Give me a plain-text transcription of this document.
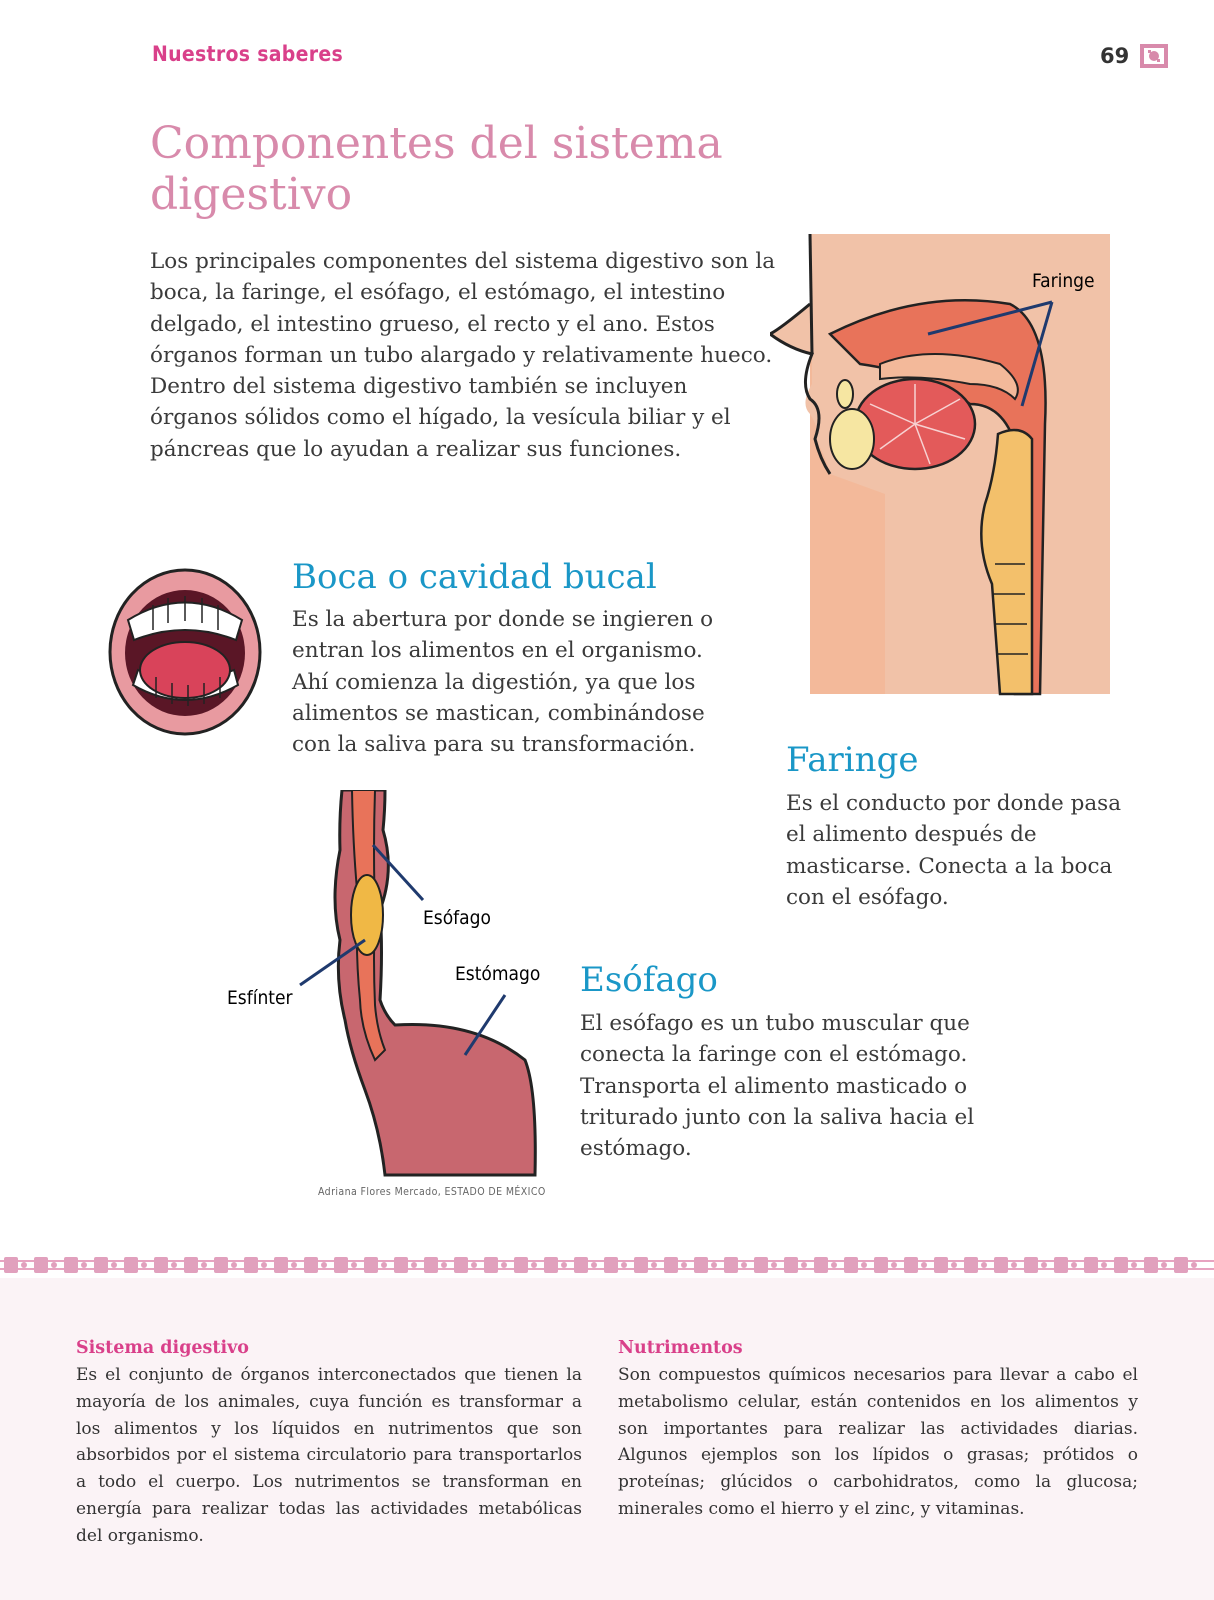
Nuestros saberes	69
Componentes del sistema digestivo

Los principales componentes del sistema digestivo son la boca, la faringe, el esófago, el estómago, el intestino delgado, el intestino grueso, el recto y el ano. Estos órganos forman un tubo alargado y relativamente hueco. Dentro del sistema digestivo también se incluyen órganos sólidos como el hígado, la vesícula biliar y el páncreas que lo ayudan a realizar sus funciones.

Faringe
Boca o cavidad bucal

Es la abertura por donde se ingieren o entran los alimentos en el organismo. Ahí comienza la digestión, ya que los alimentos se mastican, combinándose con la saliva para su transformación.	Faringe

Es el conducto por donde pasa el alimento después de masticarse. Conecta a la boca con el esófago.

Esófago
Estómago
Esfínter
Adriana Flores Mercado, ESTADO DE MÉXICO
Esófago

El esófago es un tubo muscular que conecta la faringe con el estómago. Transporta el alimento masticado o triturado junto con la saliva hacia el estómago.

Sistema digestivo

Es el conjunto de órganos interconectados que tienen la mayoría de los animales, cuya función es transformar a los alimentos y los líquidos en nutrimentos que son absorbidos por el sistema circulatorio para transportarlos a todo el cuerpo. Los nutrimentos se transforman en energía para realizar todas las actividades metabólicas del organismo.

Nutrimentos

Son compuestos químicos necesarios para llevar a cabo el metabolismo celular, están contenidos en los alimentos y son importantes para realizar las actividades diarias. Algunos ejemplos son los lípidos o grasas; prótidos o proteínas; glúcidos o carbohidratos, como la glucosa; minerales como el hierro y el zinc, y vitaminas.
